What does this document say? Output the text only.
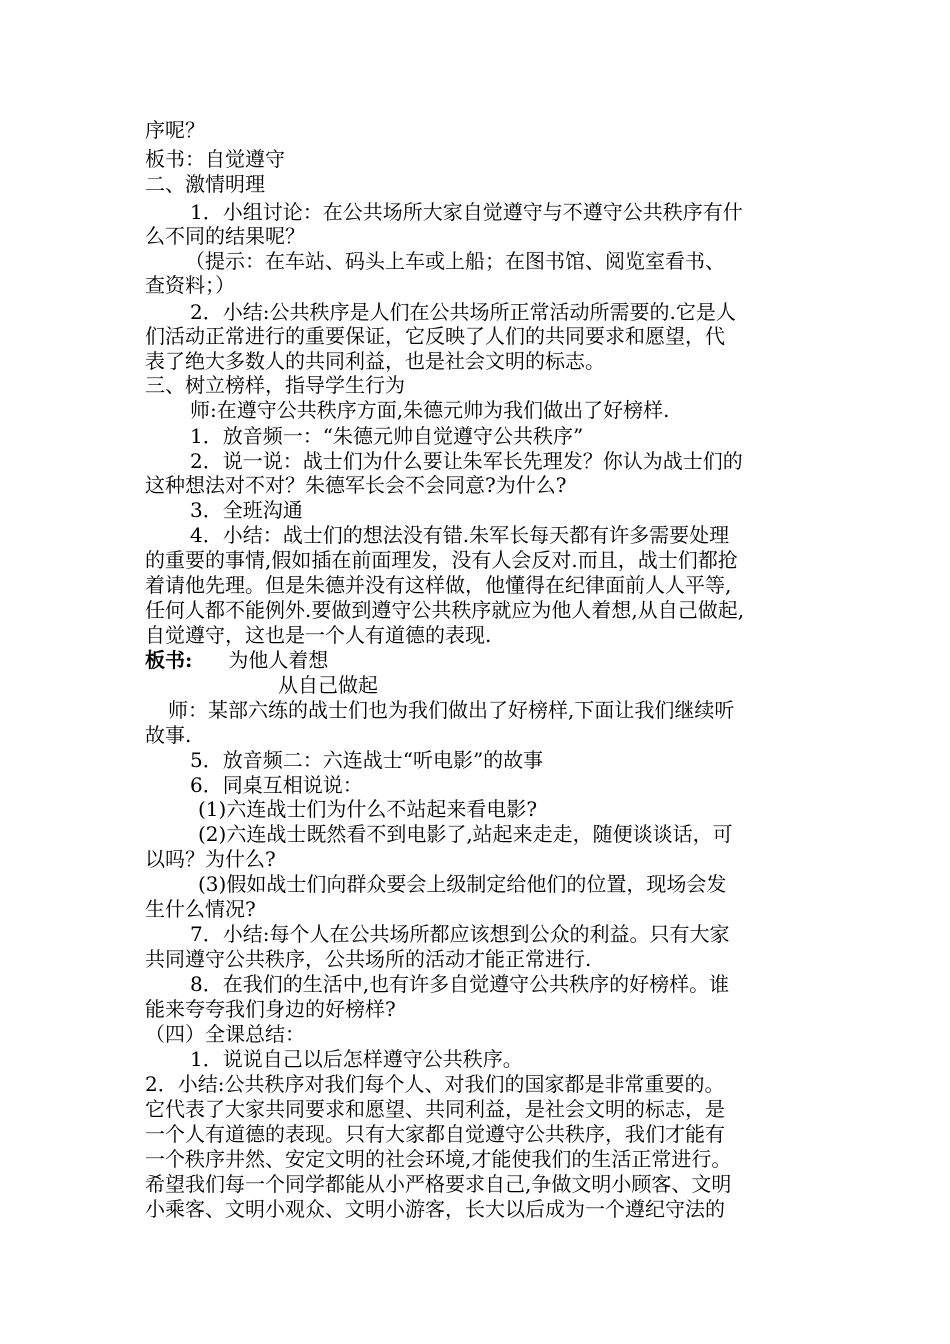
序呢？
板书：自觉遵守
二、激情明理
1．小组讨论：在公共场所大家自觉遵守与不遵守公共秩序有什
么不同的结果呢？
（提示：在车站、码头上车或上船；在图书馆、阅览室看书、
查资料；）
2．小结:公共秩序是人们在公共场所正常活动所需要的.它是人
们活动正常进行的重要保证，它反映了人们的共同要求和愿望，代
表了绝大多数人的共同利益，也是社会文明的标志。
三、树立榜样，指导学生行为
师:在遵守公共秩序方面,朱德元帅为我们做出了好榜样.
1．放音频一：“朱德元帅自觉遵守公共秩序”
2．说一说：战士们为什么要让朱军长先理发？你认为战士们的
这种想法对不对？朱德军长会不会同意?为什么?
3．全班沟通
4．小结：战士们的想法没有错.朱军长每天都有许多需要处理
的重要的事情,假如插在前面理发，没有人会反对.而且，战士们都抢
着请他先理。但是朱德并没有这样做，他懂得在纪律面前人人平等,
任何人都不能例外.要做到遵守公共秩序就应为他人着想,从自己做起,
自觉遵守，这也是一个人有道德的表现.
板书: 为他人着想
从自己做起
师：某部六练的战士们也为我们做出了好榜样,下面让我们继续听
故事.
5．放音频二：六连战士“听电影”的故事
6．同桌互相说说：
(1)六连战士们为什么不站起来看电影?
(2)六连战士既然看不到电影了,站起来走走，随便谈谈话，可
以吗？为什么?
(3)假如战士们向群众要会上级制定给他们的位置，现场会发
生什么情况?
7．小结:每个人在公共场所都应该想到公众的利益。只有大家
共同遵守公共秩序，公共场所的活动才能正常进行.
8．在我们的生活中,也有许多自觉遵守公共秩序的好榜样。谁
能来夸夸我们身边的好榜样?
（四）全课总结：
1．说说自己以后怎样遵守公共秩序。
2．小结:公共秩序对我们每个人、对我们的国家都是非常重要的。
它代表了大家共同要求和愿望、共同利益，是社会文明的标志，是
一个人有道德的表现。只有大家都自觉遵守公共秩序，我们才能有
一个秩序井然、安定文明的社会环境,才能使我们的生活正常进行。
希望我们每一个同学都能从小严格要求自己,争做文明小顾客、文明
小乘客、文明小观众、文明小游客，长大以后成为一个遵纪守法的
